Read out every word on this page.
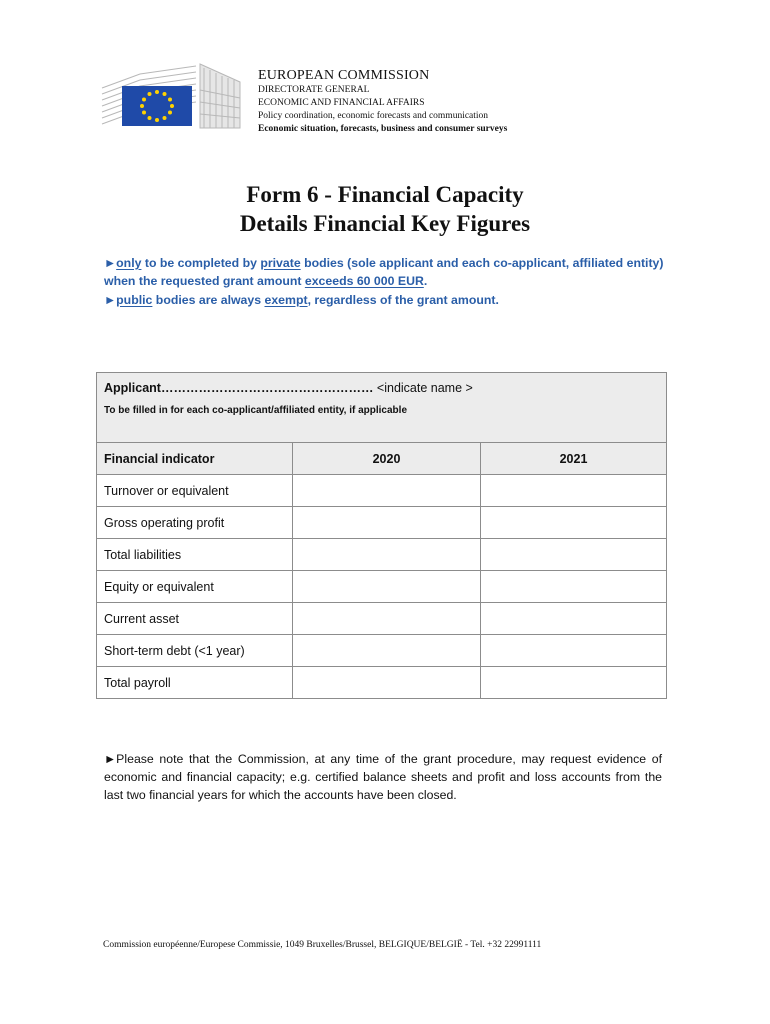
EUROPEAN COMMISSION
DIRECTORATE GENERAL
ECONOMIC AND FINANCIAL AFFAIRS
Policy coordination, economic forecasts and communication
Economic situation, forecasts, business and consumer surveys
Form 6 - Financial Capacity
Details Financial Key Figures
►only to be completed by private bodies (sole applicant and each co-applicant, affiliated entity) when the requested grant amount exceeds 60 000 EUR.
►public bodies are always exempt, regardless of the grant amount.
Applicant…………………………………………… <indicate name >
To be filled in for each co-applicant/affiliated entity, if applicable		

Financial indicator	2020	2021
Turnover or equivalent		
Gross operating profit		
Total liabilities		
Equity or equivalent		
Current asset		
Short-term debt (<1 year)		
Total payroll		
►Please note that the Commission, at any time of the grant procedure, may request evidence of economic and financial capacity; e.g. certified balance sheets and profit and loss accounts from the last two financial years for which the accounts have been closed.
Commission européenne/Europese Commissie, 1049 Bruxelles/Brussel, BELGIQUE/BELGIË - Tel. +32 22991111
